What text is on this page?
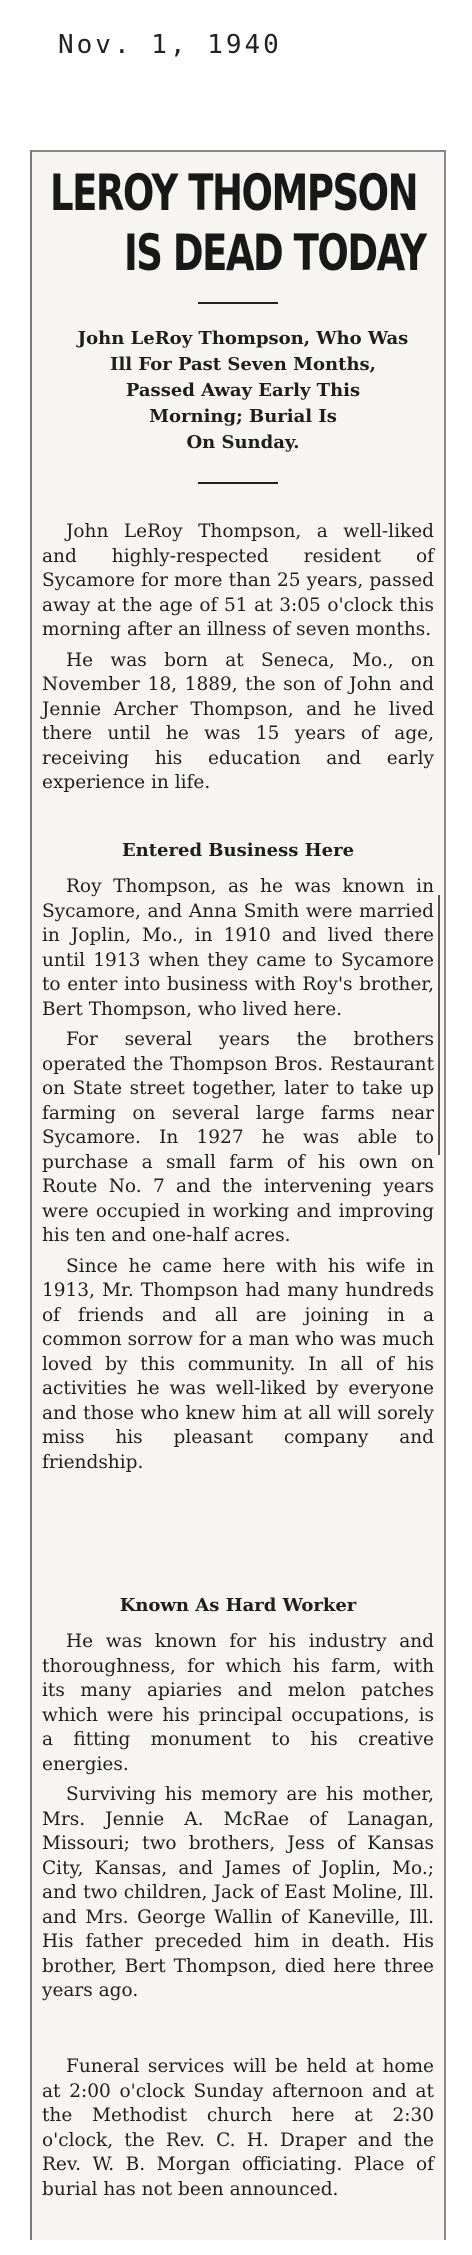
Nov. 1, 1940
LEROY THOMPSON
IS DEAD TODAY
John LeRoy Thompson, Who Was
Ill For Past Seven Months,
Passed Away Early This
Morning; Burial Is
On Sunday.

John LeRoy Thompson, a well-liked and highly-respected resident of Sycamore for more than 25 years, passed away at the age of 51 at 3:05 o'clock this morning after an illness of seven months.

He was born at Seneca, Mo., on November 18, 1889, the son of John and Jennie Archer Thompson, and he lived there until he was 15 years of age, receiving his education and early experience in life.

Entered Business Here

Roy Thompson, as he was known in Sycamore, and Anna Smith were married in Joplin, Mo., in 1910 and lived there until 1913 when they came to Sycamore to enter into business with Roy's brother, Bert Thompson, who lived here.

For several years the brothers operated the Thompson Bros. Restaurant on State street together, later to take up farming on several large farms near Sycamore. In 1927 he was able to purchase a small farm of his own on Route No. 7 and the intervening years were occupied in working and improving his ten and one-half acres.

Since he came here with his wife in 1913, Mr. Thompson had many hundreds of friends and all are joining in a common sorrow for a man who was much loved by this community. In all of his activities he was well-liked by everyone and those who knew him at all will sorely miss his pleasant company and friendship.

Known As Hard Worker

He was known for his industry and thoroughness, for which his farm, with its many apiaries and melon patches which were his principal occupations, is a fitting monument to his creative energies.

Surviving his memory are his mother, Mrs. Jennie A. McRae of Lanagan, Missouri; two brothers, Jess of Kansas City, Kansas, and James of Joplin, Mo.; and two children, Jack of East Moline, Ill. and Mrs. George Wallin of Kaneville, Ill. His father preceded him in death. His brother, Bert Thompson, died here three years ago.

Funeral services will be held at home at 2:00 o'clock Sunday afternoon and at the Methodist church here at 2:30 o'clock, the Rev. C. H. Draper and the Rev. W. B. Morgan officiating. Place of burial has not been announced.
